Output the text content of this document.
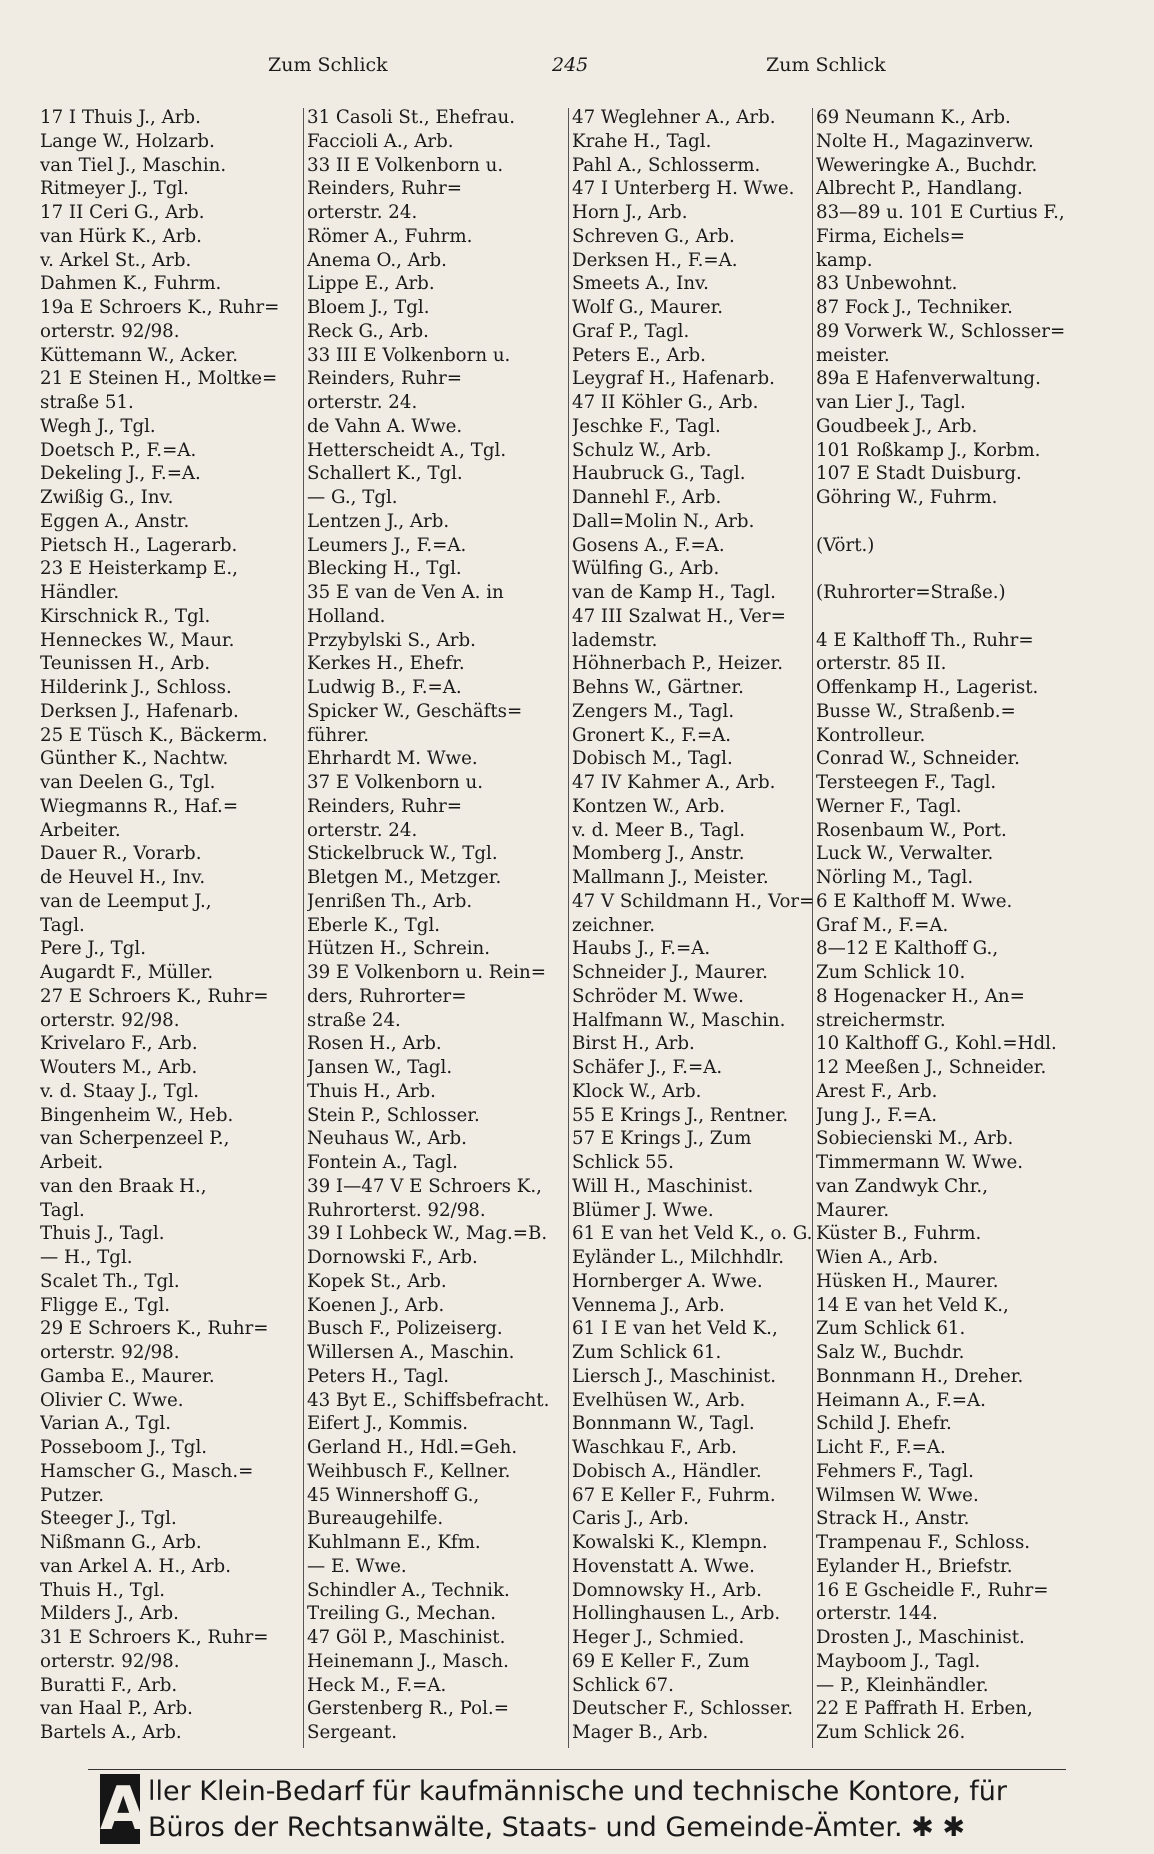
Zum Schlick	245	Zum Schlick
17 I Thuis J., Arb.
Lange W., Holzarb.
van Tiel J., Maschin.
Ritmeyer J., Tgl.
17 II Ceri G., Arb.
van Hürk K., Arb.
v. Arkel St., Arb.
Dahmen K., Fuhrm.
19a E Schroers K., Ruhr=
orterstr. 92/98.
Küttemann W., Acker.
21 E Steinen H., Moltke=
straße 51.
Wegh J., Tgl.
Doetsch P., F.=A.
Dekeling J., F.=A.
Zwißig G., Inv.
Eggen A., Anstr.
Pietsch H., Lagerarb.
23 E Heisterkamp E.,
Händler.
Kirschnick R., Tgl.
Henneckes W., Maur.
Teunissen H., Arb.
Hilderink J., Schloss.
Derksen J., Hafenarb.
25 E Tüsch K., Bäckerm.
Günther K., Nachtw.
van Deelen G., Tgl.
Wiegmanns R., Haf.=
Arbeiter.
Dauer R., Vorarb.
de Heuvel H., Inv.
van de Leemput J.,
Tagl.
Pere J., Tgl.
Augardt F., Müller.
27 E Schroers K., Ruhr=
orterstr. 92/98.
Krivelaro F., Arb.
Wouters M., Arb.
v. d. Staay J., Tgl.
Bingenheim W., Heb.
van Scherpenzeel P.,
Arbeit.
van den Braak H.,
Tagl.
Thuis J., Tagl.
— H., Tgl.
Scalet Th., Tgl.
Fligge E., Tgl.
29 E Schroers K., Ruhr=
orterstr. 92/98.
Gamba E., Maurer.
Olivier C. Wwe.
Varian A., Tgl.
Posseboom J., Tgl.
Hamscher G., Masch.=
Putzer.
Steeger J., Tgl.
Nißmann G., Arb.
van Arkel A. H., Arb.
Thuis H., Tgl.
Milders J., Arb.
31 E Schroers K., Ruhr=
orterstr. 92/98.
Buratti F., Arb.
van Haal P., Arb.
Bartels A., Arb.
31 Casoli St., Ehefrau.
Faccioli A., Arb.
33 II E Volkenborn u.
Reinders, Ruhr=
orterstr. 24.
Römer A., Fuhrm.
Anema O., Arb.
Lippe E., Arb.
Bloem J., Tgl.
Reck G., Arb.
33 III E Volkenborn u.
Reinders, Ruhr=
orterstr. 24.
de Vahn A. Wwe.
Hetterscheidt A., Tgl.
Schallert K., Tgl.
— G., Tgl.
Lentzen J., Arb.
Leumers J., F.=A.
Blecking H., Tgl.
35 E van de Ven A. in
Holland.
Przybylski S., Arb.
Kerkes H., Ehefr.
Ludwig B., F.=A.
Spicker W., Geschäfts=
führer.
Ehrhardt M. Wwe.
37 E Volkenborn u.
Reinders, Ruhr=
orterstr. 24.
Stickelbruck W., Tgl.
Bletgen M., Metzger.
Jenrißen Th., Arb.
Eberle K., Tgl.
Hützen H., Schrein.
39 E Volkenborn u. Rein=
ders, Ruhrorter=
straße 24.
Rosen H., Arb.
Jansen W., Tagl.
Thuis H., Arb.
Stein P., Schlosser.
Neuhaus W., Arb.
Fontein A., Tagl.
39 I—47 V E Schroers K.,
Ruhrorterst. 92/98.
39 I Lohbeck W., Mag.=B.
Dornowski F., Arb.
Kopek St., Arb.
Koenen J., Arb.
Busch F., Polizeiserg.
Willersen A., Maschin.
Peters H., Tagl.
43 Byt E., Schiffsbefracht.
Eifert J., Kommis.
Gerland H., Hdl.=Geh.
Weihbusch F., Kellner.
45 Winnershoff G.,
Bureaugehilfe.
Kuhlmann E., Kfm.
— E. Wwe.
Schindler A., Technik.
Treiling G., Mechan.
47 Göl P., Maschinist.
Heinemann J., Masch.
Heck M., F.=A.
Gerstenberg R., Pol.=
Sergeant.
47 Weglehner A., Arb.
Krahe H., Tagl.
Pahl A., Schlosserm.
47 I Unterberg H. Wwe.
Horn J., Arb.
Schreven G., Arb.
Derksen H., F.=A.
Smeets A., Inv.
Wolf G., Maurer.
Graf P., Tagl.
Peters E., Arb.
Leygraf H., Hafenarb.
47 II Köhler G., Arb.
Jeschke F., Tagl.
Schulz W., Arb.
Haubruck G., Tagl.
Dannehl F., Arb.
Dall=Molin N., Arb.
Gosens A., F.=A.
Wülfing G., Arb.
van de Kamp H., Tagl.
47 III Szalwat H., Ver=
lademstr.
Höhnerbach P., Heizer.
Behns W., Gärtner.
Zengers M., Tagl.
Gronert K., F.=A.
Dobisch M., Tagl.
47 IV Kahmer A., Arb.
Kontzen W., Arb.
v. d. Meer B., Tagl.
Momberg J., Anstr.
Mallmann J., Meister.
47 V Schildmann H., Vor=
zeichner.
Haubs J., F.=A.
Schneider J., Maurer.
Schröder M. Wwe.
Halfmann W., Maschin.
Birst H., Arb.
Schäfer J., F.=A.
Klock W., Arb.
55 E Krings J., Rentner.
57 E Krings J., Zum
Schlick 55.
Will H., Maschinist.
Blümer J. Wwe.
61 E van het Veld K., o. G.
Eyländer L., Milchhdlr.
Hornberger A. Wwe.
Vennema J., Arb.
61 I E van het Veld K.,
Zum Schlick 61.
Liersch J., Maschinist.
Evelhüsen W., Arb.
Bonnmann W., Tagl.
Waschkau F., Arb.
Dobisch A., Händler.
67 E Keller F., Fuhrm.
Caris J., Arb.
Kowalski K., Klempn.
Hovenstatt A. Wwe.
Domnowsky H., Arb.
Hollinghausen L., Arb.
Heger J., Schmied.
69 E Keller F., Zum
Schlick 67.
Deutscher F., Schlosser.
Mager B., Arb.
69 Neumann K., Arb.
Nolte H., Magazinverw.
Weweringke A., Buchdr.
Albrecht P., Handlang.
83—89 u. 101 E Curtius F.,
Firma, Eichels=
kamp.
83 Unbewohnt.
87 Fock J., Techniker.
89 Vorwerk W., Schlosser=
meister.
89a E Hafenverwaltung.
van Lier J., Tagl.
Goudbeek J., Arb.
101 Roßkamp J., Korbm.
107 E Stadt Duisburg.
Göhring W., Fuhrm.
(Vört.)
(Ruhrorter=Straße.)
4 E Kalthoff Th., Ruhr=
orterstr. 85 II.
Offenkamp H., Lagerist.
Busse W., Straßenb.=
Kontrolleur.
Conrad W., Schneider.
Tersteegen F., Tagl.
Werner F., Tagl.
Rosenbaum W., Port.
Luck W., Verwalter.
Nörling M., Tagl.
6 E Kalthoff M. Wwe.
Graf M., F.=A.
8—12 E Kalthoff G.,
Zum Schlick 10.
8 Hogenacker H., An=
streichermstr.
10 Kalthoff G., Kohl.=Hdl.
12 Meeßen J., Schneider.
Arest F., Arb.
Jung J., F.=A.
Sobiecienski M., Arb.
Timmermann W. Wwe.
van Zandwyk Chr.,
Maurer.
Küster B., Fuhrm.
Wien A., Arb.
Hüsken H., Maurer.
14 E van het Veld K.,
Zum Schlick 61.
Salz W., Buchdr.
Bonnmann H., Dreher.
Heimann A., F.=A.
Schild J. Ehefr.
Licht F., F.=A.
Fehmers F., Tagl.
Wilmsen W. Wwe.
Strack H., Anstr.
Trampenau F., Schloss.
Eylander H., Briefstr.
16 E Gscheidle F., Ruhr=
orterstr. 144.
Drosten J., Maschinist.
Mayboom J., Tagl.
— P., Kleinhändler.
22 E Paffrath H. Erben,
Zum Schlick 26.
A ller Klein-Bedarf für kaufmännische und technische Kontore, für
Büros der Rechtsanwälte, Staats- und Gemeinde-Ämter. ✱ ✱
